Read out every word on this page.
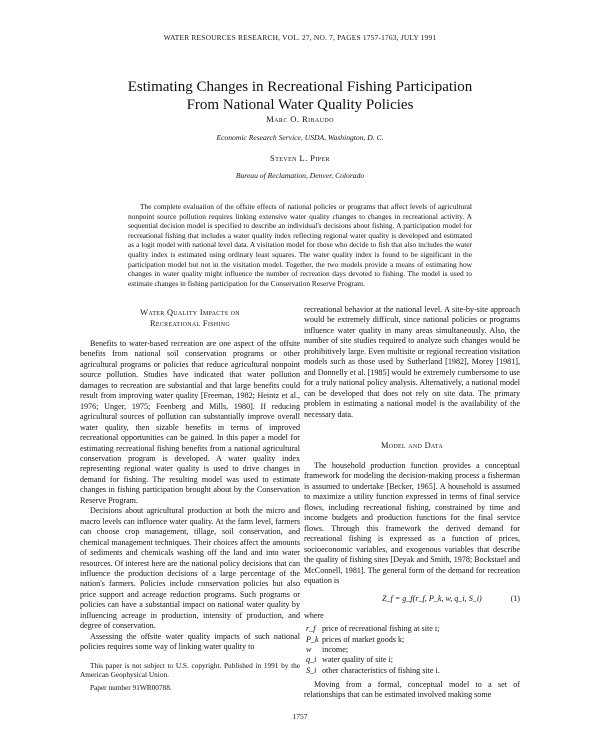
WATER RESOURCES RESEARCH, VOL. 27, NO. 7, PAGES 1757-1763, JULY 1991
Estimating Changes in Recreational Fishing Participation
From National Water Quality Policies
Marc O. Ribaudo
Economic Research Service, USDA, Washington, D. C.
Steven L. Piper
Bureau of Reclamation, Denver, Colorado
The complete evaluation of the offsite effects of national policies or programs that affect levels of agricultural nonpoint source pollution requires linking extensive water quality changes to changes in recreational activity. A sequential decision model is specified to describe an individual's decisions about fishing. A participation model for recreational fishing that includes a water quality index reflecting regional water quality is developed and estimated as a logit model with national level data. A visitation model for those who decide to fish that also includes the water quality index is estimated using ordinary least squares. The water quality index is found to be significant in the participation model but not in the visitation model. Together, the two models provide a means of estimating how changes in water quality might influence the number of recreation days devoted to fishing. The model is used to estimate changes in fishing participation for the Conservation Reserve Program.
Water Quality Impacts on
Recreational Fishing

Benefits to water-based recreation are one aspect of the offsite benefits from national soil conservation programs or other agricultural programs or policies that reduce agricultural nonpoint source pollution. Studies have indicated that water pollution damages to recreation are substantial and that large benefits could result from improving water quality [Freeman, 1982; Heintz et al., 1976; Unger, 1975; Feenberg and Mills, 1980]. If reducing agricultural sources of pollution can substantially improve overall water quality, then sizable benefits in terms of improved recreational opportunities can be gained. In this paper a model for estimating recreational fishing benefits from a national agricultural conservation program is developed. A water quality index representing regional water quality is used to drive changes in demand for fishing. The resulting model was used to estimate changes in fishing participation brought about by the Conservation Reserve Program.

Decisions about agricultural production at both the micro and macro levels can influence water quality. At the farm level, farmers can choose crop management, tillage, soil conservation, and chemical management techniques. Their choices affect the amounts of sediments and chemicals washing off the land and into water resources. Of interest here are the national policy decisions that can influence the production decisions of a large percentage of the nation's farmers. Policies include conservation policies but also price support and acreage reduction programs. Such programs or policies can have a substantial impact on national water quality by influencing acreage in production, intensity of production, and degree of conservation.

Assessing the offsite water quality impacts of such national policies requires some way of linking water quality to

This paper is not subject to U.S. copyright. Published in 1991 by the American Geophysical Union.

Paper number 91WR00788.

recreational behavior at the national level. A site-by-site approach would be extremely difficult, since national policies or programs influence water quality in many areas simultaneously. Also, the number of site studies required to analyze such changes would be prohibitively large. Even multisite or regional recreation visitation models such as those used by Sutherland [1982], Morey [1981], and Donnelly et al. [1985] would be extremely cumbersome to use for a truly national policy analysis. Alternatively, a national model can be developed that does not rely on site data. The primary problem in estimating a national model is the availability of the necessary data.

Model and Data

The household production function provides a conceptual framework for modeling the decision-making process a fisherman is assumed to undertake [Becker, 1965]. A household is assumed to maximize a utility function expressed in terms of final service flows, including recreational fishing, constrained by time and income budgets and production functions for the final service flows. Through this framework the derived demand for recreational fishing is expressed as a function of prices, socioeconomic variables, and exogenous variables that describe the quality of fishing sites [Deyak and Smith, 1978; Bockstael and McConnell, 1981]. The general form of the demand for recreation equation is

Z_f = g_f(r_f, P_k, w, q_i, S_i)	(1)

where

r_f price of recreational fishing at site i;
P_k prices of market goods k;
w	income;
q_i water quality of site i;
S_i other characteristics of fishing site i.

Moving from a formal, conceptual model to a set of relationships that can be estimated involved making some

1757
